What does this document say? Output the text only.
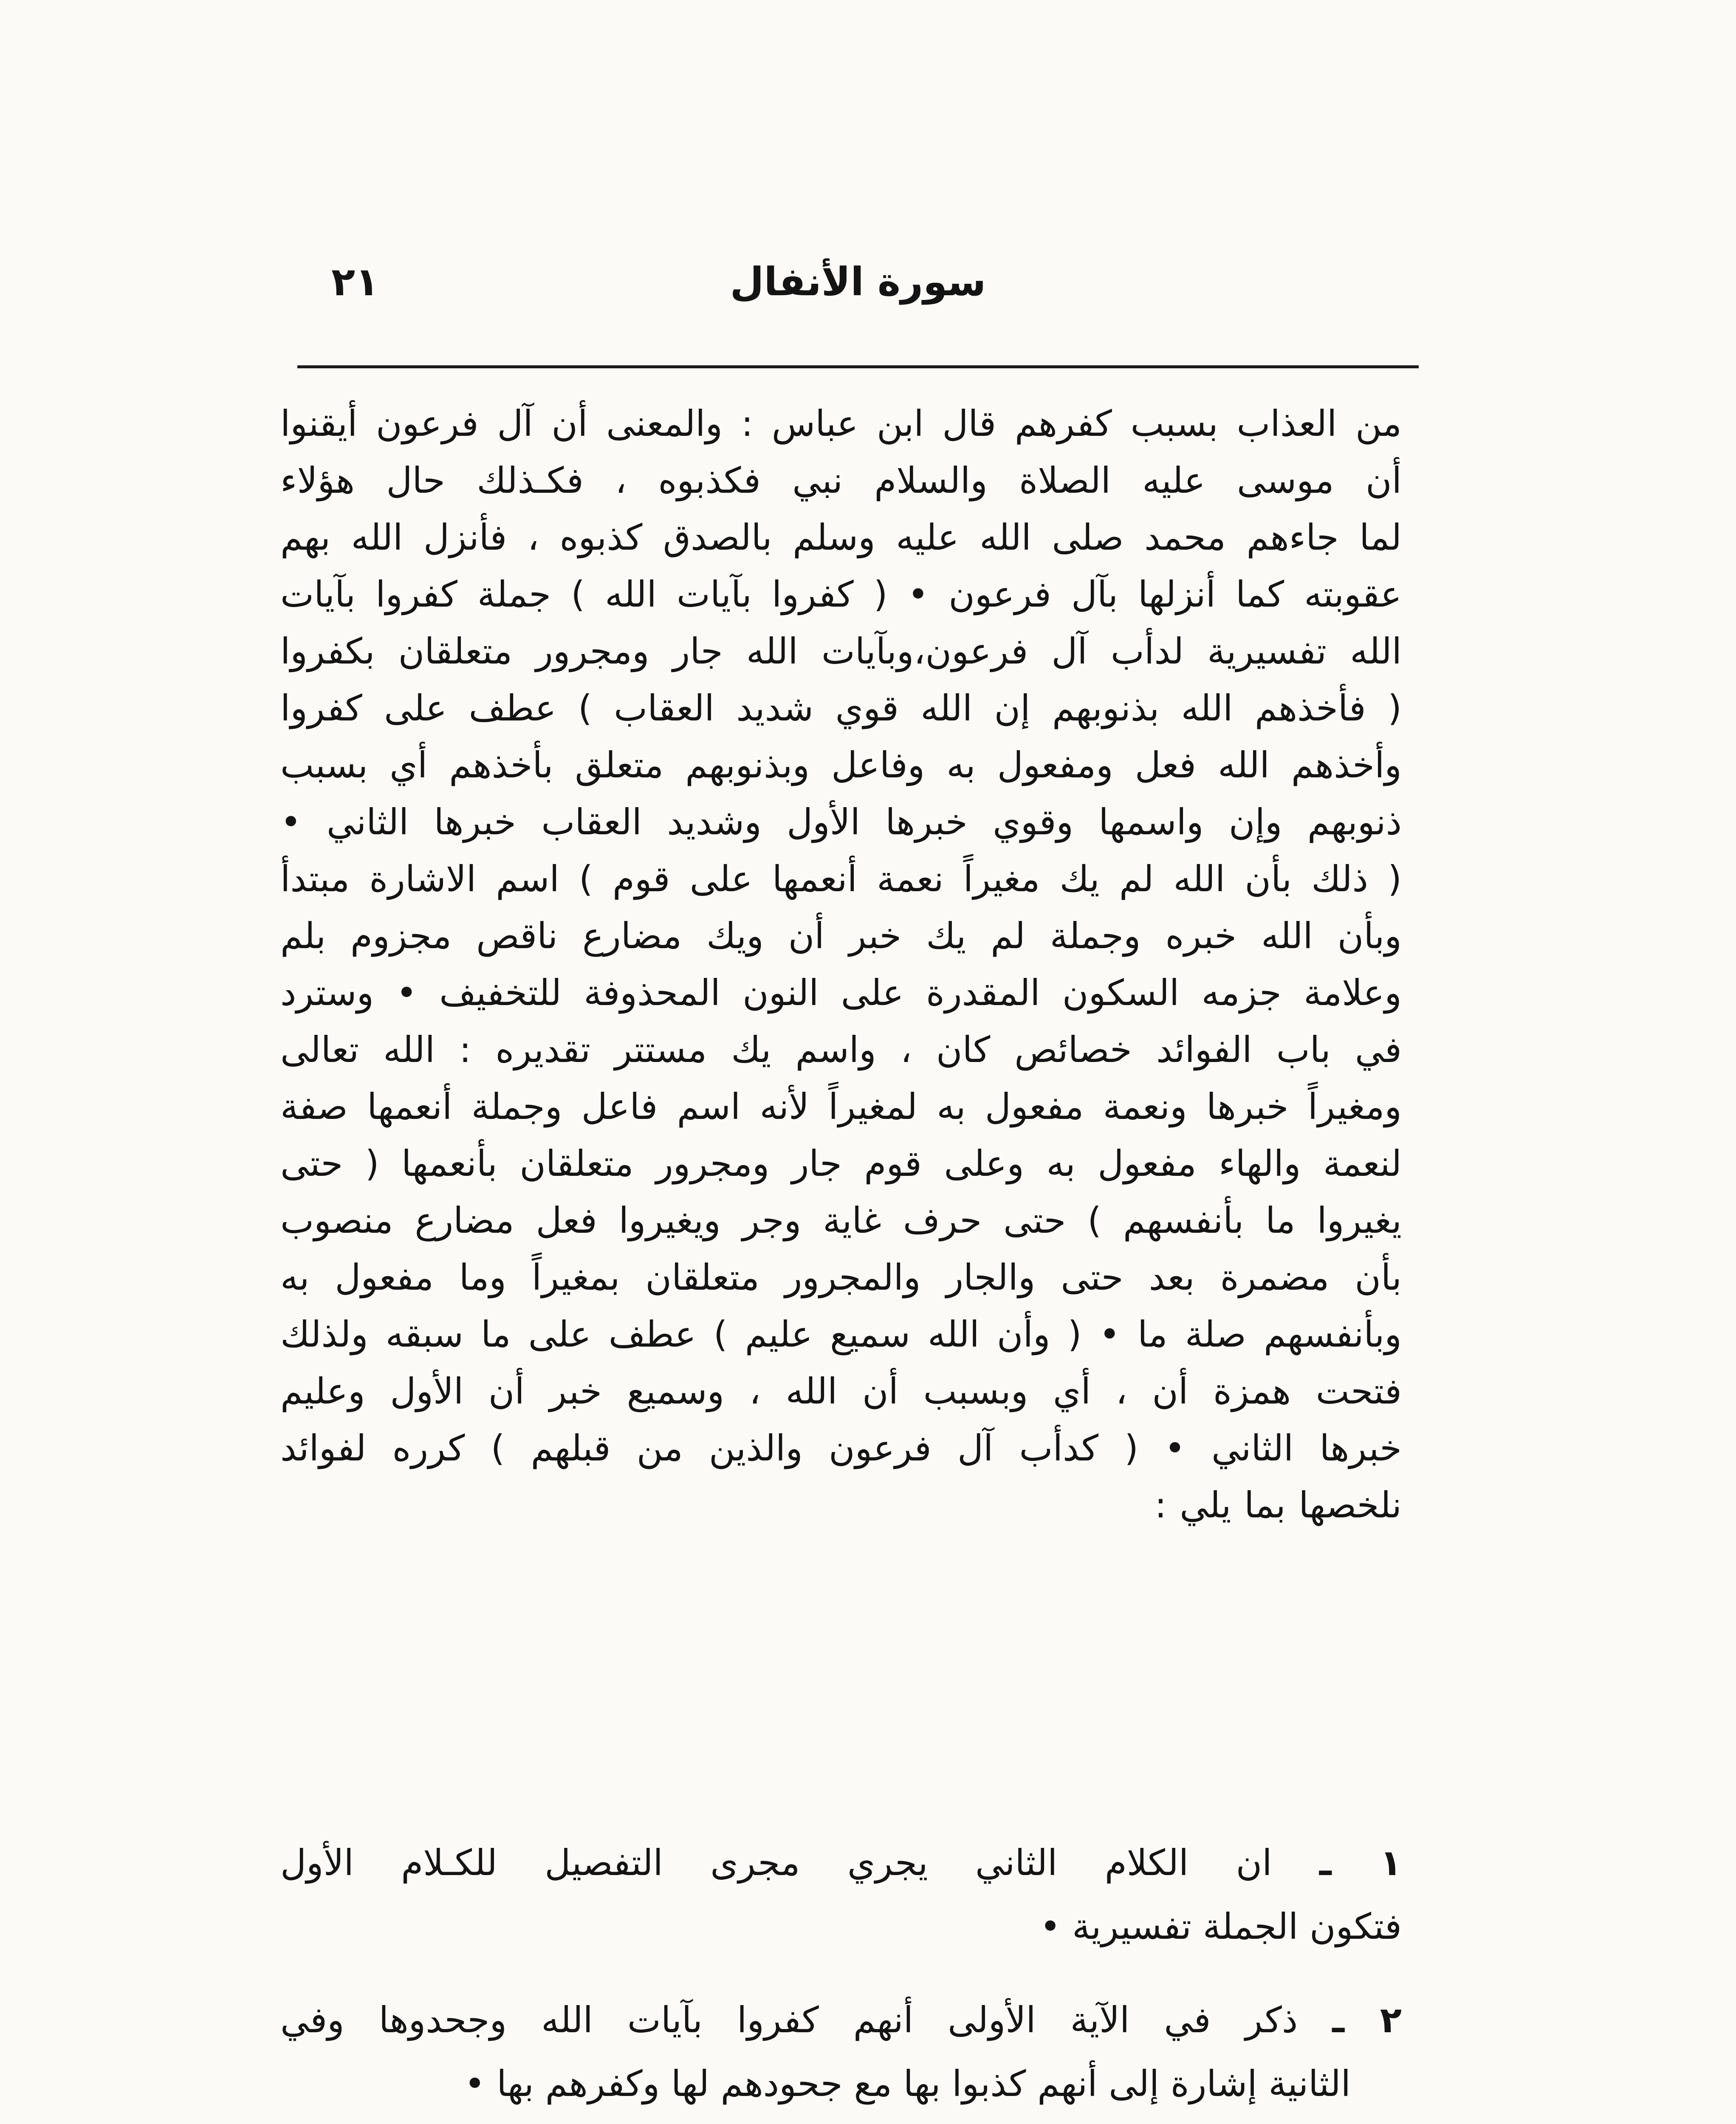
٢١	سورة الأنفال
من العذاب بسبب كفرهم قال ابن عباس : والمعنى أن آل فرعون أيقنوا
أن موسى عليه الصلاة والسلام نبي فكذبوه ، فكـذلك حال هؤلاء
لما جاءهم محمد صلى الله عليه وسلم بالصدق كذبوه ، فأنزل الله بهم
عقوبته كما أنزلها بآل فرعون • ( كفروا بآيات الله ) جملة كفروا بآيات
الله تفسيرية لدأب آل فرعون،وبآيات الله جار ومجرور متعلقان بكفروا
( فأخذهم الله بذنوبهم إن الله قوي شديد العقاب ) عطف على كفروا
وأخذهم الله فعل ومفعول به وفاعل وبذنوبهم متعلق بأخذهم أي بسبب
ذنوبهم وإن واسمها وقوي خبرها الأول وشديد العقاب خبرها الثاني •
( ذلك بأن الله لم يك مغيراً نعمة أنعمها على قوم ) اسم الاشارة مبتدأ
وبأن الله خبره وجملة لم يك خبر أن ويك مضارع ناقص مجزوم بلم
وعلامة جزمه السكون المقدرة على النون المحذوفة للتخفيف • وسترد
في باب الفوائد خصائص كان ، واسم يك مستتر تقديره : الله تعالى
ومغيراً خبرها ونعمة مفعول به لمغيراً لأنه اسم فاعل وجملة أنعمها صفة
لنعمة والهاء مفعول به وعلى قوم جار ومجرور متعلقان بأنعمها ( حتى
يغيروا ما بأنفسهم ) حتى حرف غاية وجر ويغيروا فعل مضارع منصوب
بأن مضمرة بعد حتى والجار والمجرور متعلقان بمغيراً وما مفعول به
وبأنفسهم صلة ما • ( وأن الله سميع عليم ) عطف على ما سبقه ولذلك
فتحت همزة أن ، أي وبسبب أن الله ، وسميع خبر أن الأول وعليم
خبرها الثاني • ( كدأب آل فرعون والذين من قبلهم ) كرره لفوائد
نلخصها بما يلي :
١ ـ ان الكلام الثاني يجري مجرى التفصيل للكـلام الأول
فتكون الجملة تفسيرية •
٢ ـ ذكر في الآية الأولى أنهم كفروا بآيات الله وجحدوها وفي
الثانية إشارة إلى أنهم كذبوا بها مع جحودهم لها وكفرهم بها •
